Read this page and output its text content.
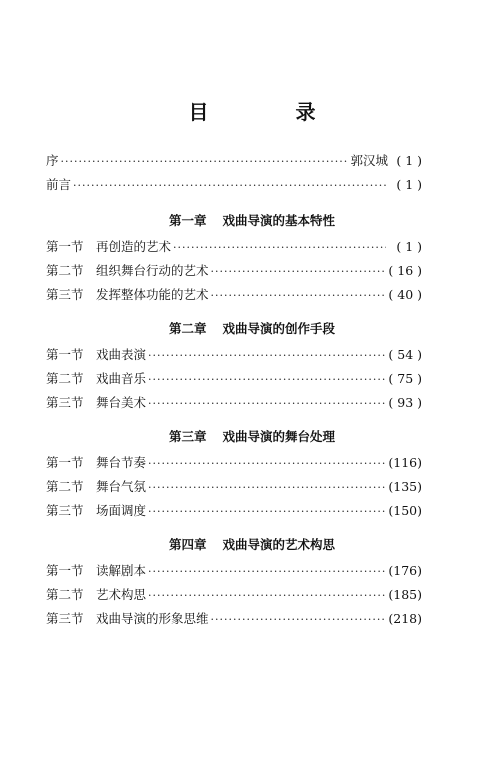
目 录
序 ·····	郭汉城 ( 1 )
前言 ·····	( 1 )
第一章 戏曲导演的基本特性
第一节 再创造的艺术 ·····	( 1 )
第二节 组织舞台行动的艺术 ·····	( 16 )
第三节 发挥整体功能的艺术 ·····	( 40 )
第二章 戏曲导演的创作手段
第一节 戏曲表演 ·····	( 54 )
第二节 戏曲音乐 ·····	( 75 )
第三节 舞台美术 ·····	( 93 )
第三章 戏曲导演的舞台处理
第一节 舞台节奏 ·····	(116)
第二节 舞台气氛 ·····	(135)
第三节 场面调度 ·····	(150)
第四章 戏曲导演的艺术构思
第一节 读解剧本 ·····	(176)
第二节 艺术构思 ·····	(185)
第三节 戏曲导演的形象思维 ·····	(218)
